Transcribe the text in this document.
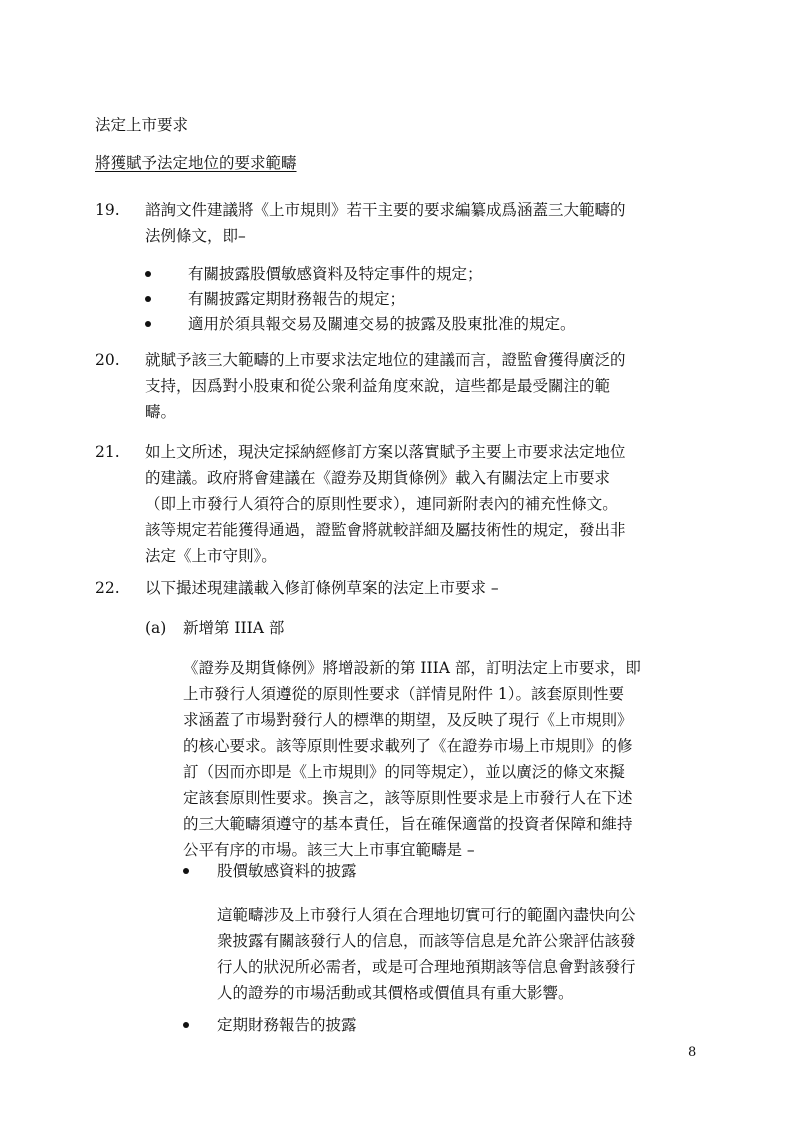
法定上市要求
將獲賦予法定地位的要求範疇
19. 諮詢文件建議將《上市規則》若干主要的要求編纂成爲涵蓋三大範疇的
法例條文，即–
有關披露股價敏感資料及特定事件的規定；
有關披露定期財務報告的規定；
適用於須具報交易及關連交易的披露及股東批准的規定。
20. 就賦予該三大範疇的上市要求法定地位的建議而言，證監會獲得廣泛的
支持，因爲對小股東和從公衆利益角度來說，這些都是最受關注的範
疇。
21. 如上文所述，現決定採納經修訂方案以落實賦予主要上市要求法定地位
的建議。政府將會建議在《證券及期貨條例》載入有關法定上市要求
（即上市發行人須符合的原則性要求），連同新附表內的補充性條文。
該等規定若能獲得通過，證監會將就較詳細及屬技術性的規定，發出非
法定《上市守則》。
22. 以下撮述現建議載入修訂條例草案的法定上市要求 –
(a) 新增第 IIIA 部
《證券及期貨條例》將增設新的第 IIIA 部，訂明法定上市要求，即
上市發行人須遵從的原則性要求（詳情見附件 1）。該套原則性要
求涵蓋了市場對發行人的標準的期望，及反映了現行《上市規則》
的核心要求。該等原則性要求載列了《在證券市場上市規則》的修
訂（因而亦即是《上市規則》的同等規定），並以廣泛的條文來擬
定該套原則性要求。換言之，該等原則性要求是上市發行人在下述
的三大範疇須遵守的基本責任，旨在確保適當的投資者保障和維持
公平有序的市場。該三大上市事宜範疇是 –
股價敏感資料的披露
這範疇涉及上市發行人須在合理地切實可行的範圍內盡快向公
衆披露有關該發行人的信息，而該等信息是允許公衆評估該發
行人的狀況所必需者，或是可合理地預期該等信息會對該發行
人的證券的市場活動或其價格或價值具有重大影響。
定期財務報告的披露
8
